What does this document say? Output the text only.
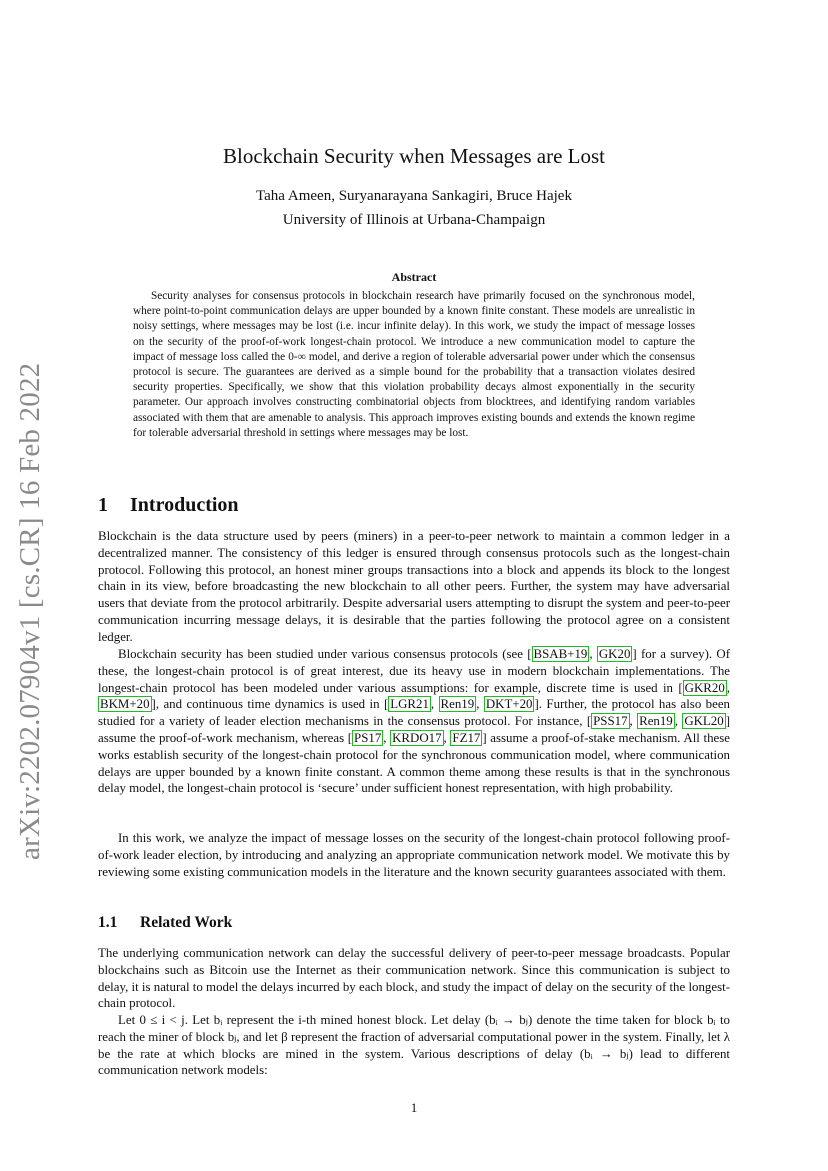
arXiv:2202.07904v1 [cs.CR] 16 Feb 2022
Blockchain Security when Messages are Lost
Taha Ameen, Suryanarayana Sankagiri, Bruce Hajek
University of Illinois at Urbana-Champaign
Abstract
Security analyses for consensus protocols in blockchain research have primarily focused on the synchronous model, where point-to-point communication delays are upper bounded by a known finite constant. These models are unrealistic in noisy settings, where messages may be lost (i.e. incur infinite delay). In this work, we study the impact of message losses on the security of the proof-of-work longest-chain protocol. We introduce a new communication model to capture the impact of message loss called the 0-∞ model, and derive a region of tolerable adversarial power under which the consensus protocol is secure. The guarantees are derived as a simple bound for the probability that a transaction violates desired security properties. Specifically, we show that this violation probability decays almost exponentially in the security parameter. Our approach involves constructing combinatorial objects from blocktrees, and identifying random variables associated with them that are amenable to analysis. This approach improves existing bounds and extends the known regime for tolerable adversarial threshold in settings where messages may be lost.
1 Introduction
Blockchain is the data structure used by peers (miners) in a peer-to-peer network to maintain a common ledger in a decentralized manner. The consistency of this ledger is ensured through consensus protocols such as the longest-chain protocol. Following this protocol, an honest miner groups transactions into a block and appends its block to the longest chain in its view, before broadcasting the new blockchain to all other peers. Further, the system may have adversarial users that deviate from the protocol arbitrarily. Despite adversarial users attempting to disrupt the system and peer-to-peer communication incurring message delays, it is desirable that the parties following the protocol agree on a consistent ledger.
Blockchain security has been studied under various consensus protocols (see [ BSAB+19 , GK20 ] for a survey). Of these, the longest-chain protocol is of great interest, due its heavy use in modern blockchain implementations. The longest-chain protocol has been modeled under various assumptions: for example, discrete time is used in [ GKR20 , BKM+20 ], and continuous time dynamics is used in [ LGR21 , Ren19 , DKT+20 ]. Further, the protocol has also been studied for a variety of leader election mechanisms in the consensus protocol. For instance, [ PSS17 , Ren19 , GKL20 ] assume the proof-of-work mechanism, whereas [ PS17 , KRDO17 , FZ17 ] assume a proof-of-stake mechanism. All these works establish security of the longest-chain protocol for the synchronous communication model, where communication delays are upper bounded by a known finite constant. A common theme among these results is that in the synchronous delay model, the longest-chain protocol is ‘secure’ under sufficient honest representation, with high probability.
In this work, we analyze the impact of message losses on the security of the longest-chain protocol following proof-of-work leader election, by introducing and analyzing an appropriate communication network model. We motivate this by reviewing some existing communication models in the literature and the known security guarantees associated with them.
1.1 Related Work
The underlying communication network can delay the successful delivery of peer-to-peer message broadcasts. Popular blockchains such as Bitcoin use the Internet as their communication network. Since this communication is subject to delay, it is natural to model the delays incurred by each block, and study the impact of delay on the security of the longest-chain protocol.
Let 0 ≤ i < j. Let bᵢ represent the i-th mined honest block. Let delay (bᵢ → bⱼ) denote the time taken for block bᵢ to reach the miner of block bⱼ, and let β represent the fraction of adversarial computational power in the system. Finally, let λ be the rate at which blocks are mined in the system. Various descriptions of delay (bᵢ → bⱼ) lead to different communication network models:
1
